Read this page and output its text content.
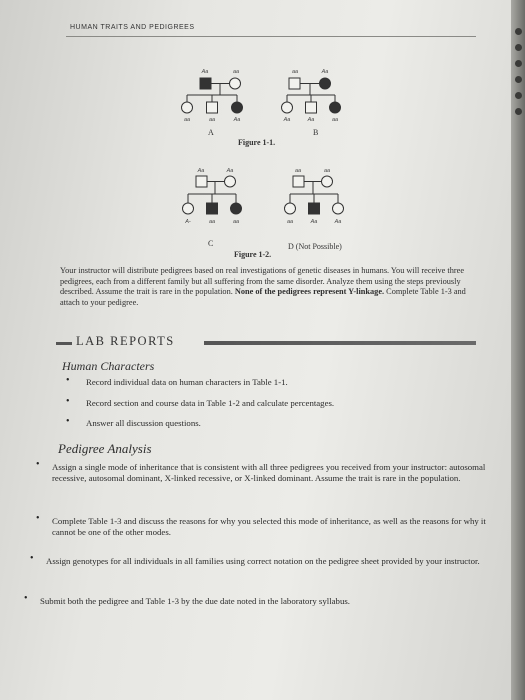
HUMAN TRAITS AND PEDIGREES
Aa	aa
aa	aa	Aa
aa	Aa
Aa	Aa	aa
Aa	Aa
A-	aa	aa
aa	aa
aa	Aa	Aa
A	B
Figure 1-1.
C	D (Not Possible)
Figure 1-2.
Your instructor will distribute pedigrees based on real investigations of genetic diseases in humans. You will receive three pedigrees, each from a different family but all suffering from the same disorder. Analyze them using the steps previously described. Assume the trait is rare in the population. None of the pedigrees represent Y-linkage. Complete Table 1-3 and attach to your pedigree.
LAB REPORTS
Human Characters
• Record individual data on human characters in Table 1-1.
• Record section and course data in Table 1-2 and calculate percentages.
• Answer all discussion questions.
Pedigree Analysis
• Assign a single mode of inheritance that is consistent with all three pedigrees you received from your instructor: autosomal recessive, autosomal dominant, X-linked recessive, or X-linked dominant. Assume the trait is rare in the population.
• Complete Table 1-3 and discuss the reasons for why you selected this mode of inheritance, as well as the reasons for why it cannot be one of the other modes.
• Assign genotypes for all individuals in all families using correct notation on the pedigree sheet provided by your instructor.
• Submit both the pedigree and Table 1-3 by the due date noted in the laboratory syllabus.
